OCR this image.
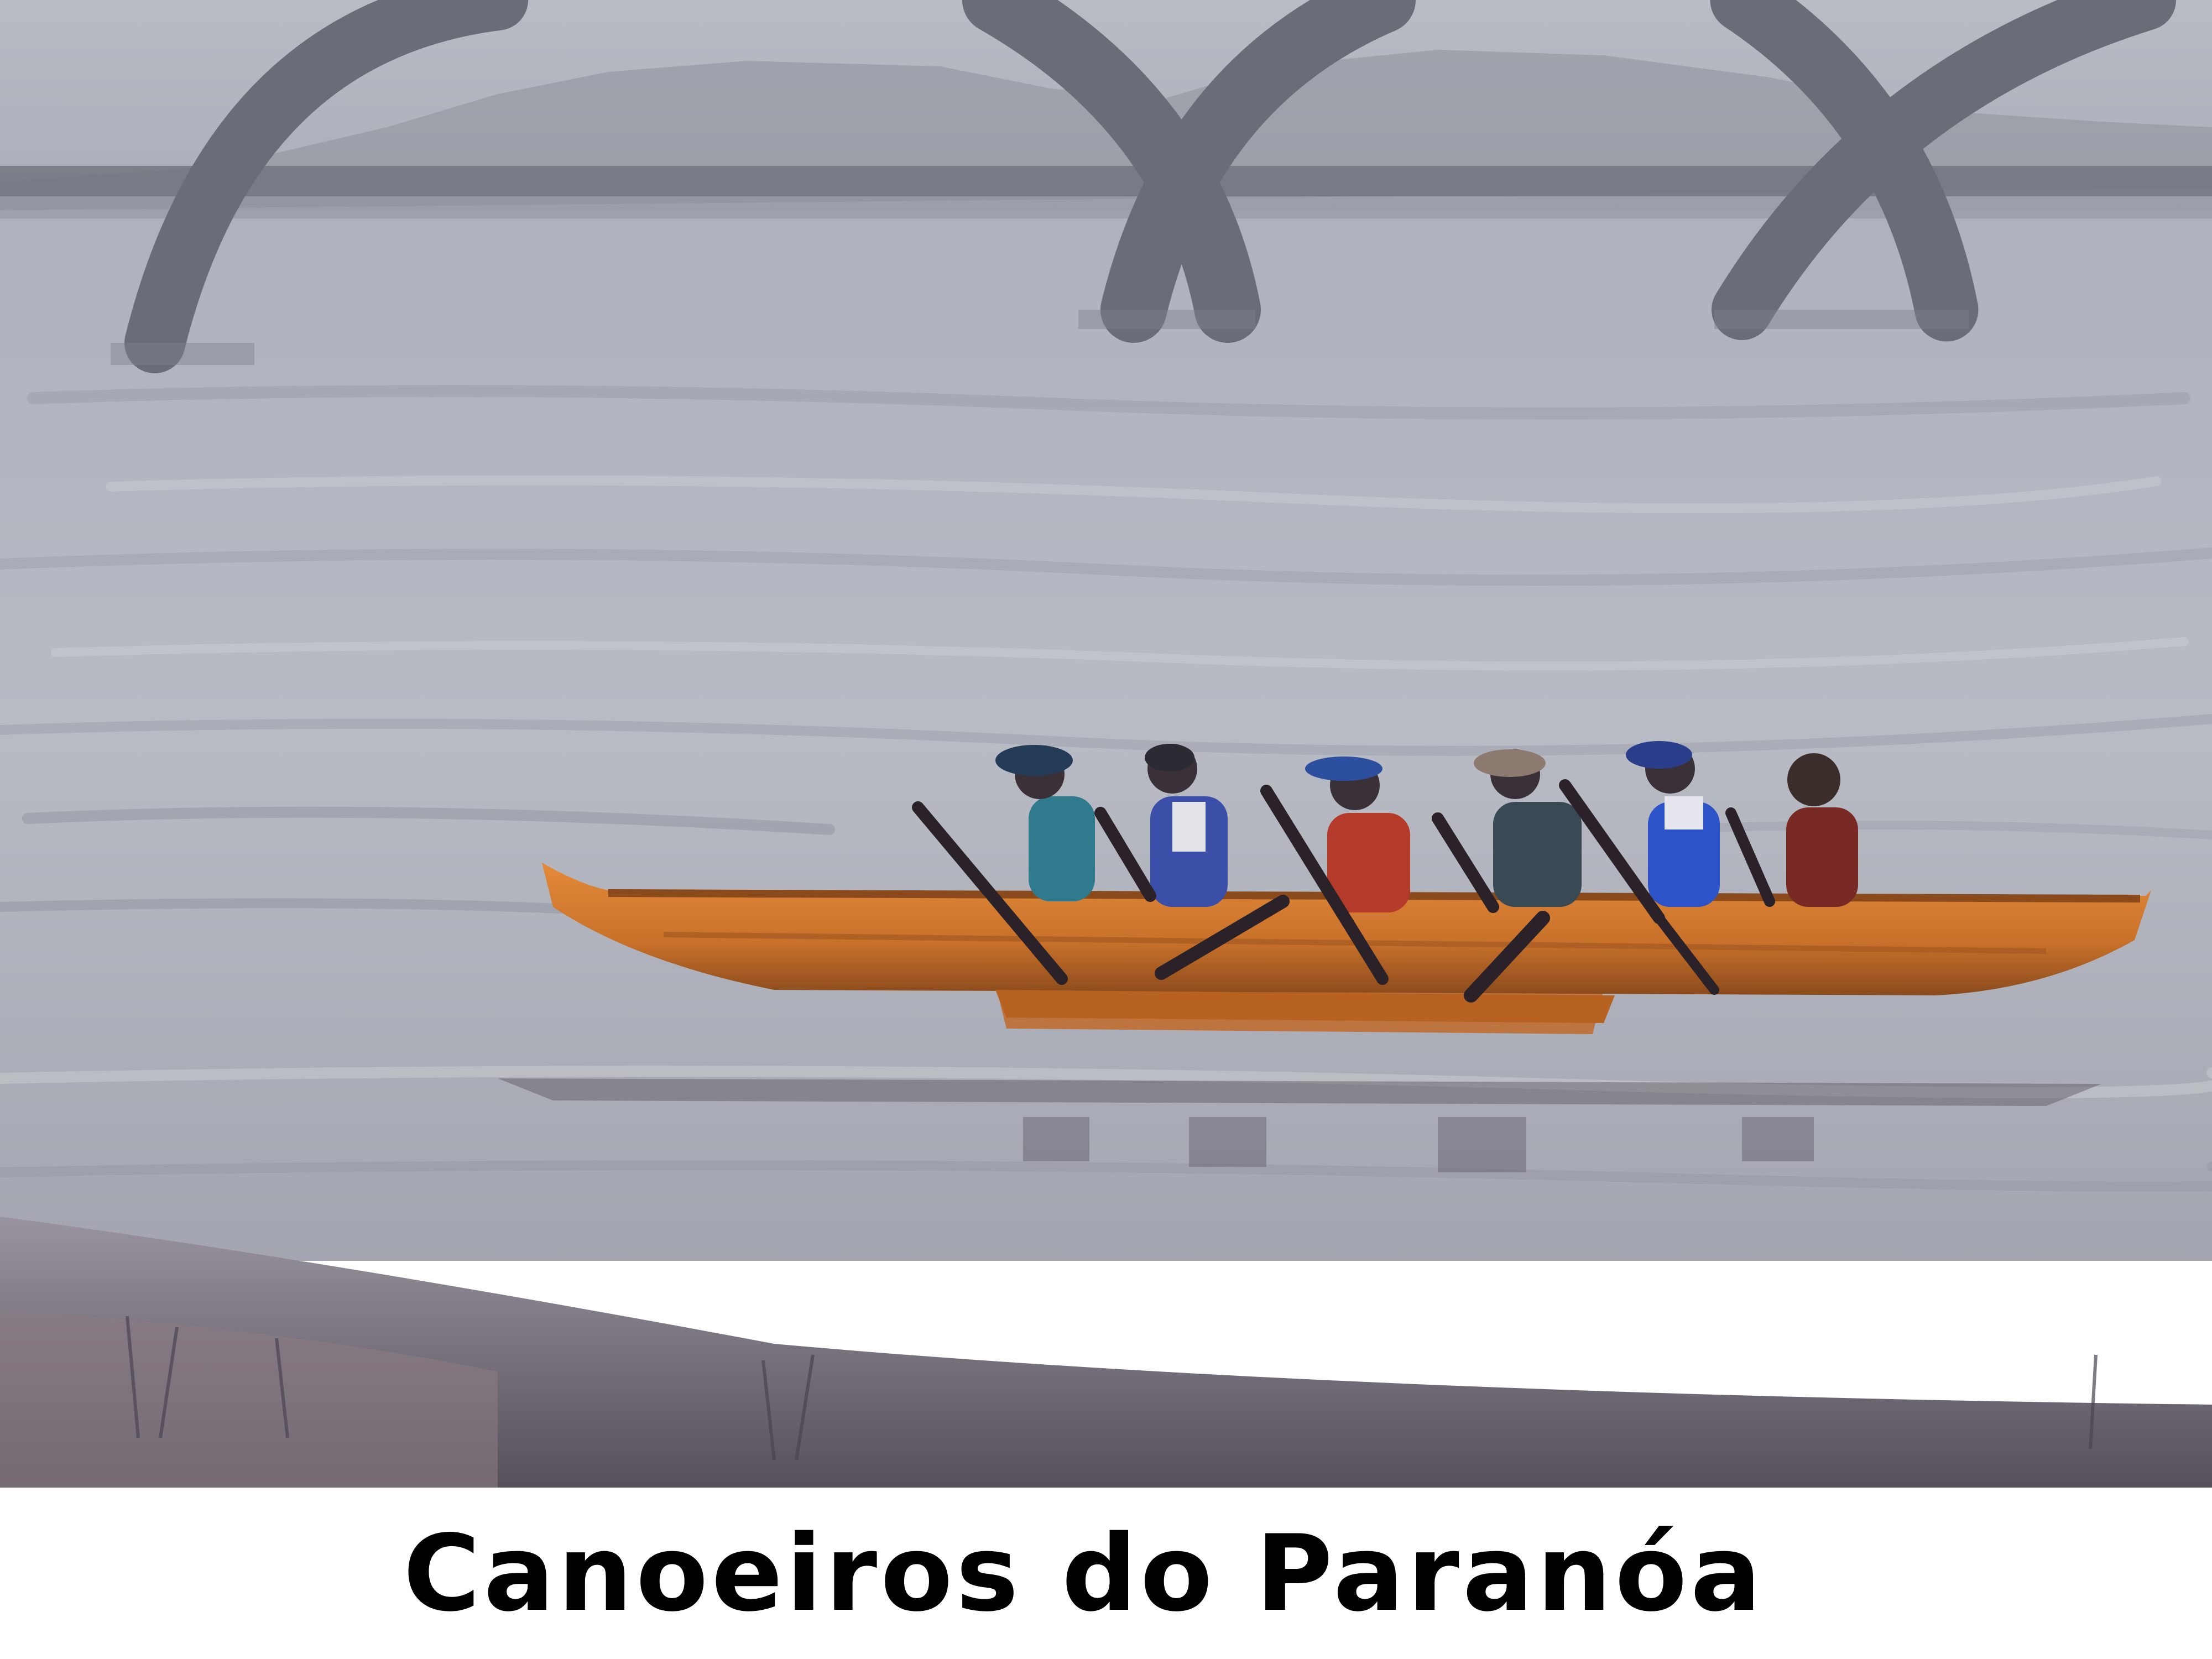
Canoeiros do Paranóa
